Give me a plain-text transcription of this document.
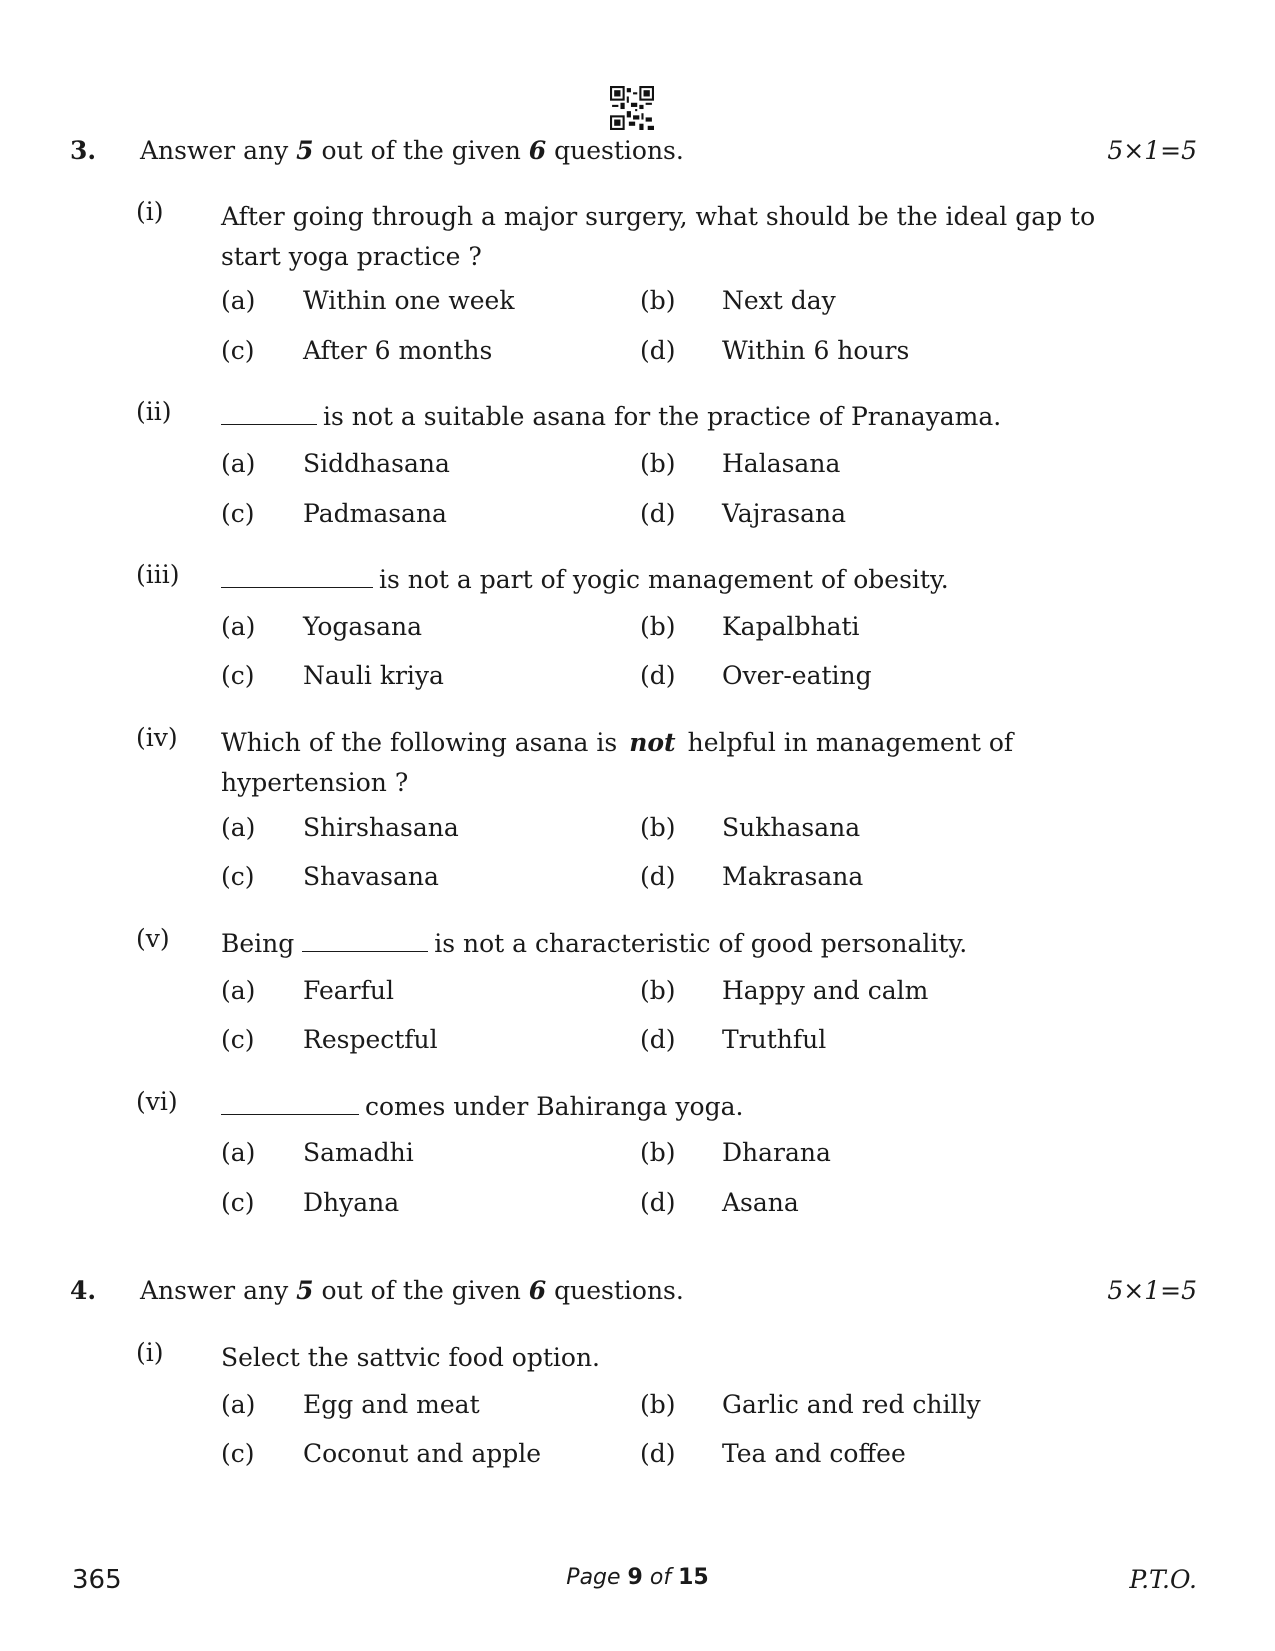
3. Answer any 5 out of the given 6 questions.	5×1=5
(i) After going through a major surgery, what should be the ideal gap to
start yoga practice ?
(a) Within one week	(b) Next day
(c) After 6 months	(d) Within 6 hours
(ii)	is not a suitable asana for the practice of Pranayama.
(a) Siddhasana	(b) Halasana
(c) Padmasana	(d) Vajrasana
(iii)	is not a part of yogic management of obesity.
(a) Yogasana	(b) Kapalbhati
(c) Nauli kriya	(d) Over-eating
(iv) Which of the following asana is not helpful in management of
hypertension ?
(a) Shirshasana	(b) Sukhasana
(c) Shavasana	(d) Makrasana
(v) Being	is not a characteristic of good personality.
(a) Fearful	(b) Happy and calm
(c) Respectful	(d) Truthful
(vi)	comes under Bahiranga yoga.
(a) Samadhi	(b) Dharana
(c) Dhyana	(d) Asana
4. Answer any 5 out of the given 6 questions.	5×1=5
(i) Select the sattvic food option.
(a) Egg and meat	(b) Garlic and red chilly
(c) Coconut and apple	(d) Tea and coffee
365	Page 9 of 15	P.T.O.
